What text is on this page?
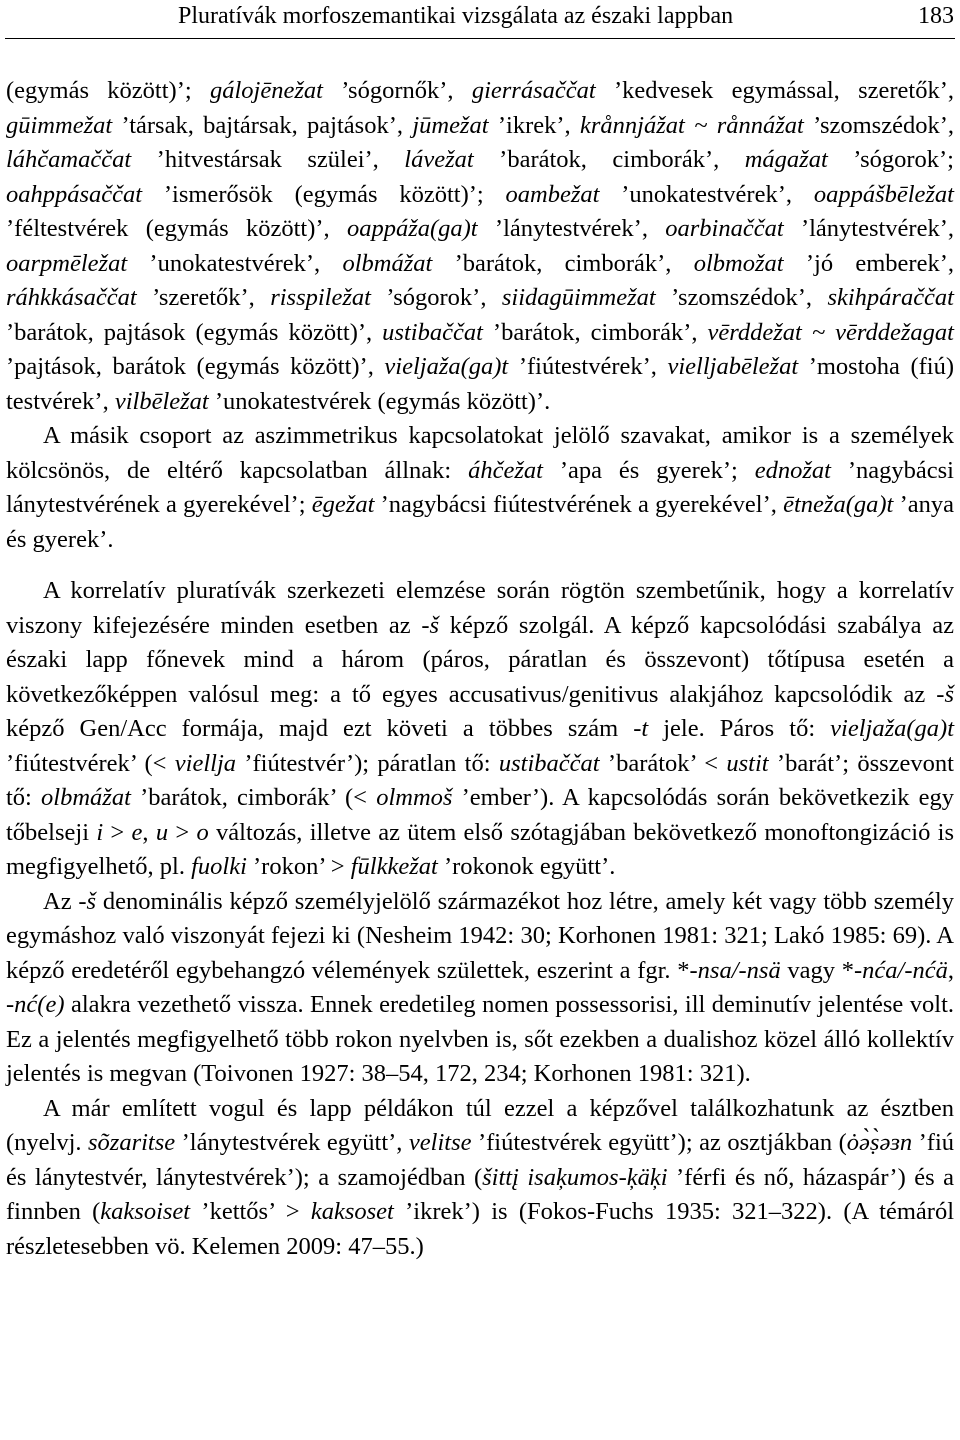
Pluratívák morfoszemantikai vizsgálata az északi lappban	183

(egymás között)’; gálojēnežat ’sógornők’, gierrásaččat ’kedvesek egymással, szeretők’, gūimmežat ’társak, bajtársak, pajtások’, jūmežat ’ikrek’, krånnjážat ~ rånnážat ’szomszédok’, láhčamaččat ’hitvestársak szülei’, lávežat ’barátok, cimborák’, mágažat ’sógorok’; oahppásaččat ’ismerősök (egymás között)’; oambežat ’unokatestvérek’, oappášbēležat ’féltestvérek (egymás között)’, oappáža(ga)t ’lánytestvérek’, oarbinaččat ’lánytestvérek’, oarpmēležat ’unokatestvérek’, olbmážat ’barátok, cimborák’, olbmožat ’jó emberek’, ráhkkásaččat ’szeretők’, risspiležat ’sógorok’, siidagūimmežat ’szomszédok’, skihpáraččat ’barátok, pajtások (egymás között)’, ustibaččat ’barátok, cimborák’, vērddežat ~ vērddežagat ’pajtások, barátok (egymás között)’, vieljaža(ga)t ’fiútestvérek’, vielljabēležat ’mostoha (fiú) testvérek’, vilbēležat ’unokatestvérek (egymás között)’.

A másik csoport az aszimmetrikus kapcsolatokat jelölő szavakat, amikor is a személyek kölcsönös, de eltérő kapcsolatban állnak: áhčežat ’apa és gyerek’; ednožat ’nagybácsi lánytestvérének a gyerekével’; ēgežat ’nagybácsi fiútestvérének a gyerekével’, ētneža(ga)t ’anya és gyerek’.

A korrelatív pluratívák szerkezeti elemzése során rögtön szembetűnik, hogy a korrelatív viszony kifejezésére minden esetben az -š képző szolgál. A képző kapcsolódási szabálya az északi lapp főnevek mind a három (páros, páratlan és összevont) tőtípusa esetén a következőképpen valósul meg: a tő egyes accusativus/genitivus alakjához kapcsolódik az -š képző Gen/Acc formája, majd ezt követi a többes szám -t jele. Páros tő: vieljaža(ga)t ’fiútestvérek’ (< viellja ’fiútestvér’); páratlan tő: ustibaččat ’barátok’ < ustit ’barát’; összevont tő: olbmážat ’barátok, cimborák’ (< olmmoš ’ember’). A kapcsolódás során bekövetkezik egy tőbelseji i > e, u > o változás, illetve az ütem első szótagjában bekövetkező monoftongizáció is megfigyelhető, pl. fuolki ’rokon’ > fūlkkežat ’rokonok együtt’.

Az -š denominális képző személyjelölő származékot hoz létre, amely két vagy több személy egymáshoz való viszonyát fejezi ki (Nesheim 1942: 30; Korhonen 1981: 321; Lakó 1985: 69). A képző eredetéről egybehangzó vélemények születtek, eszerint a fgr. *-nsa/-nsä vagy *-nća/-nćä, -nć(e) alakra vezethető vissza. Ennek eredetileg nomen possessorisi, ill deminutív jelentése volt. Ez a jelentés megfigyelhető több rokon nyelvben is, sőt ezekben a dualishoz közel álló kollektív jelentés is megvan (Toivonen 1927: 38–54, 172, 234; Korhonen 1981: 321).

A már említett vogul és lapp példákon túl ezzel a képzővel találkozhatunk az észtben (nyelvj. sõzaritse ’lánytestvérek együtt’, velitse ’fiútestvérek együtt’); az osztjákban (ȯə̀ṣ̀əɜn ’fiú és lánytestvér, lánytestvérek’); a szamojédban (šittį isaķumos-ķäķi ’férfi és nő, házaspár’) és a finnben (kaksoiset ’kettős’ > kaksoset ’ikrek’) is (Fokos-Fuchs 1935: 321–322). (A témáról részletesebben vö. Kelemen 2009: 47–55.)
